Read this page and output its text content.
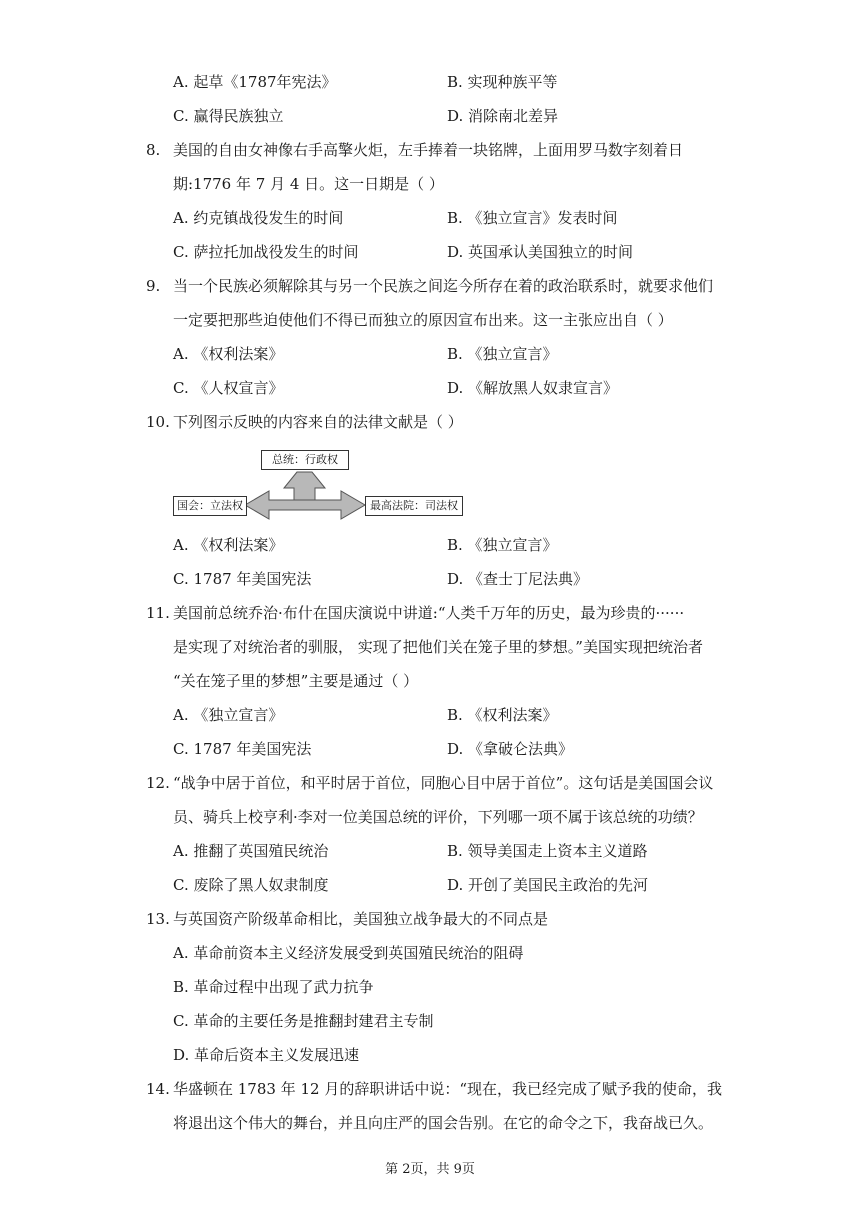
A. 起草《1787年宪法》	B. 实现种族平等
C. 赢得民族独立	D. 消除南北差异
8. 美国的自由女神像右手高擎火炬，左手捧着一块铭牌，上面用罗马数字刻着日
期:1776 年 7 月 4 日。这一日期是（ ）
A. 约克镇战役发生的时间	B. 《独立宣言》发表时间
C. 萨拉托加战役发生的时间	D. 英国承认美国独立的时间
9. 当一个民族必须解除其与另一个民族之间迄今所存在着的政治联系时，就要求他们
一定要把那些迫使他们不得已而独立的原因宣布出来。这一主张应出自（ ）
A. 《权利法案》	B. 《独立宣言》
C. 《人权宣言》	D. 《解放黑人奴隶宣言》
10. 下列图示反映的内容来自的法律文献是（ ）
总统：行政权
国会：立法权	最高法院：司法权
A. 《权利法案》	B. 《独立宣言》
C. 1787 年美国宪法	D. 《查士丁尼法典》
11. 美国前总统乔治·布什在国庆演说中讲道:“人类千万年的历史，最为珍贵的······
是实现了对统治者的驯服， 实现了把他们关在笼子里的梦想。”美国实现把统治者
“关在笼子里的梦想”主要是通过（ ）
A. 《独立宣言》	B. 《权利法案》
C. 1787 年美国宪法	D. 《拿破仑法典》
12. “战争中居于首位，和平时居于首位，同胞心目中居于首位”。这句话是美国国会议
员、骑兵上校亨利·李对一位美国总统的评价，下列哪一项不属于该总统的功绩？
A. 推翻了英国殖民统治	B. 领导美国走上资本主义道路
C. 废除了黑人奴隶制度	D. 开创了美国民主政治的先河
13. 与英国资产阶级革命相比，美国独立战争最大的不同点是
A. 革命前资本主义经济发展受到英国殖民统治的阻碍
B. 革命过程中出现了武力抗争
C. 革命的主要任务是推翻封建君主专制
D. 革命后资本主义发展迅速
14. 华盛顿在 1783 年 12 月的辞职讲话中说：“现在，我已经完成了赋予我的使命，我
将退出这个伟大的舞台，并且向庄严的国会告别。在它的命令之下，我奋战已久。
第 2页，共 9页
